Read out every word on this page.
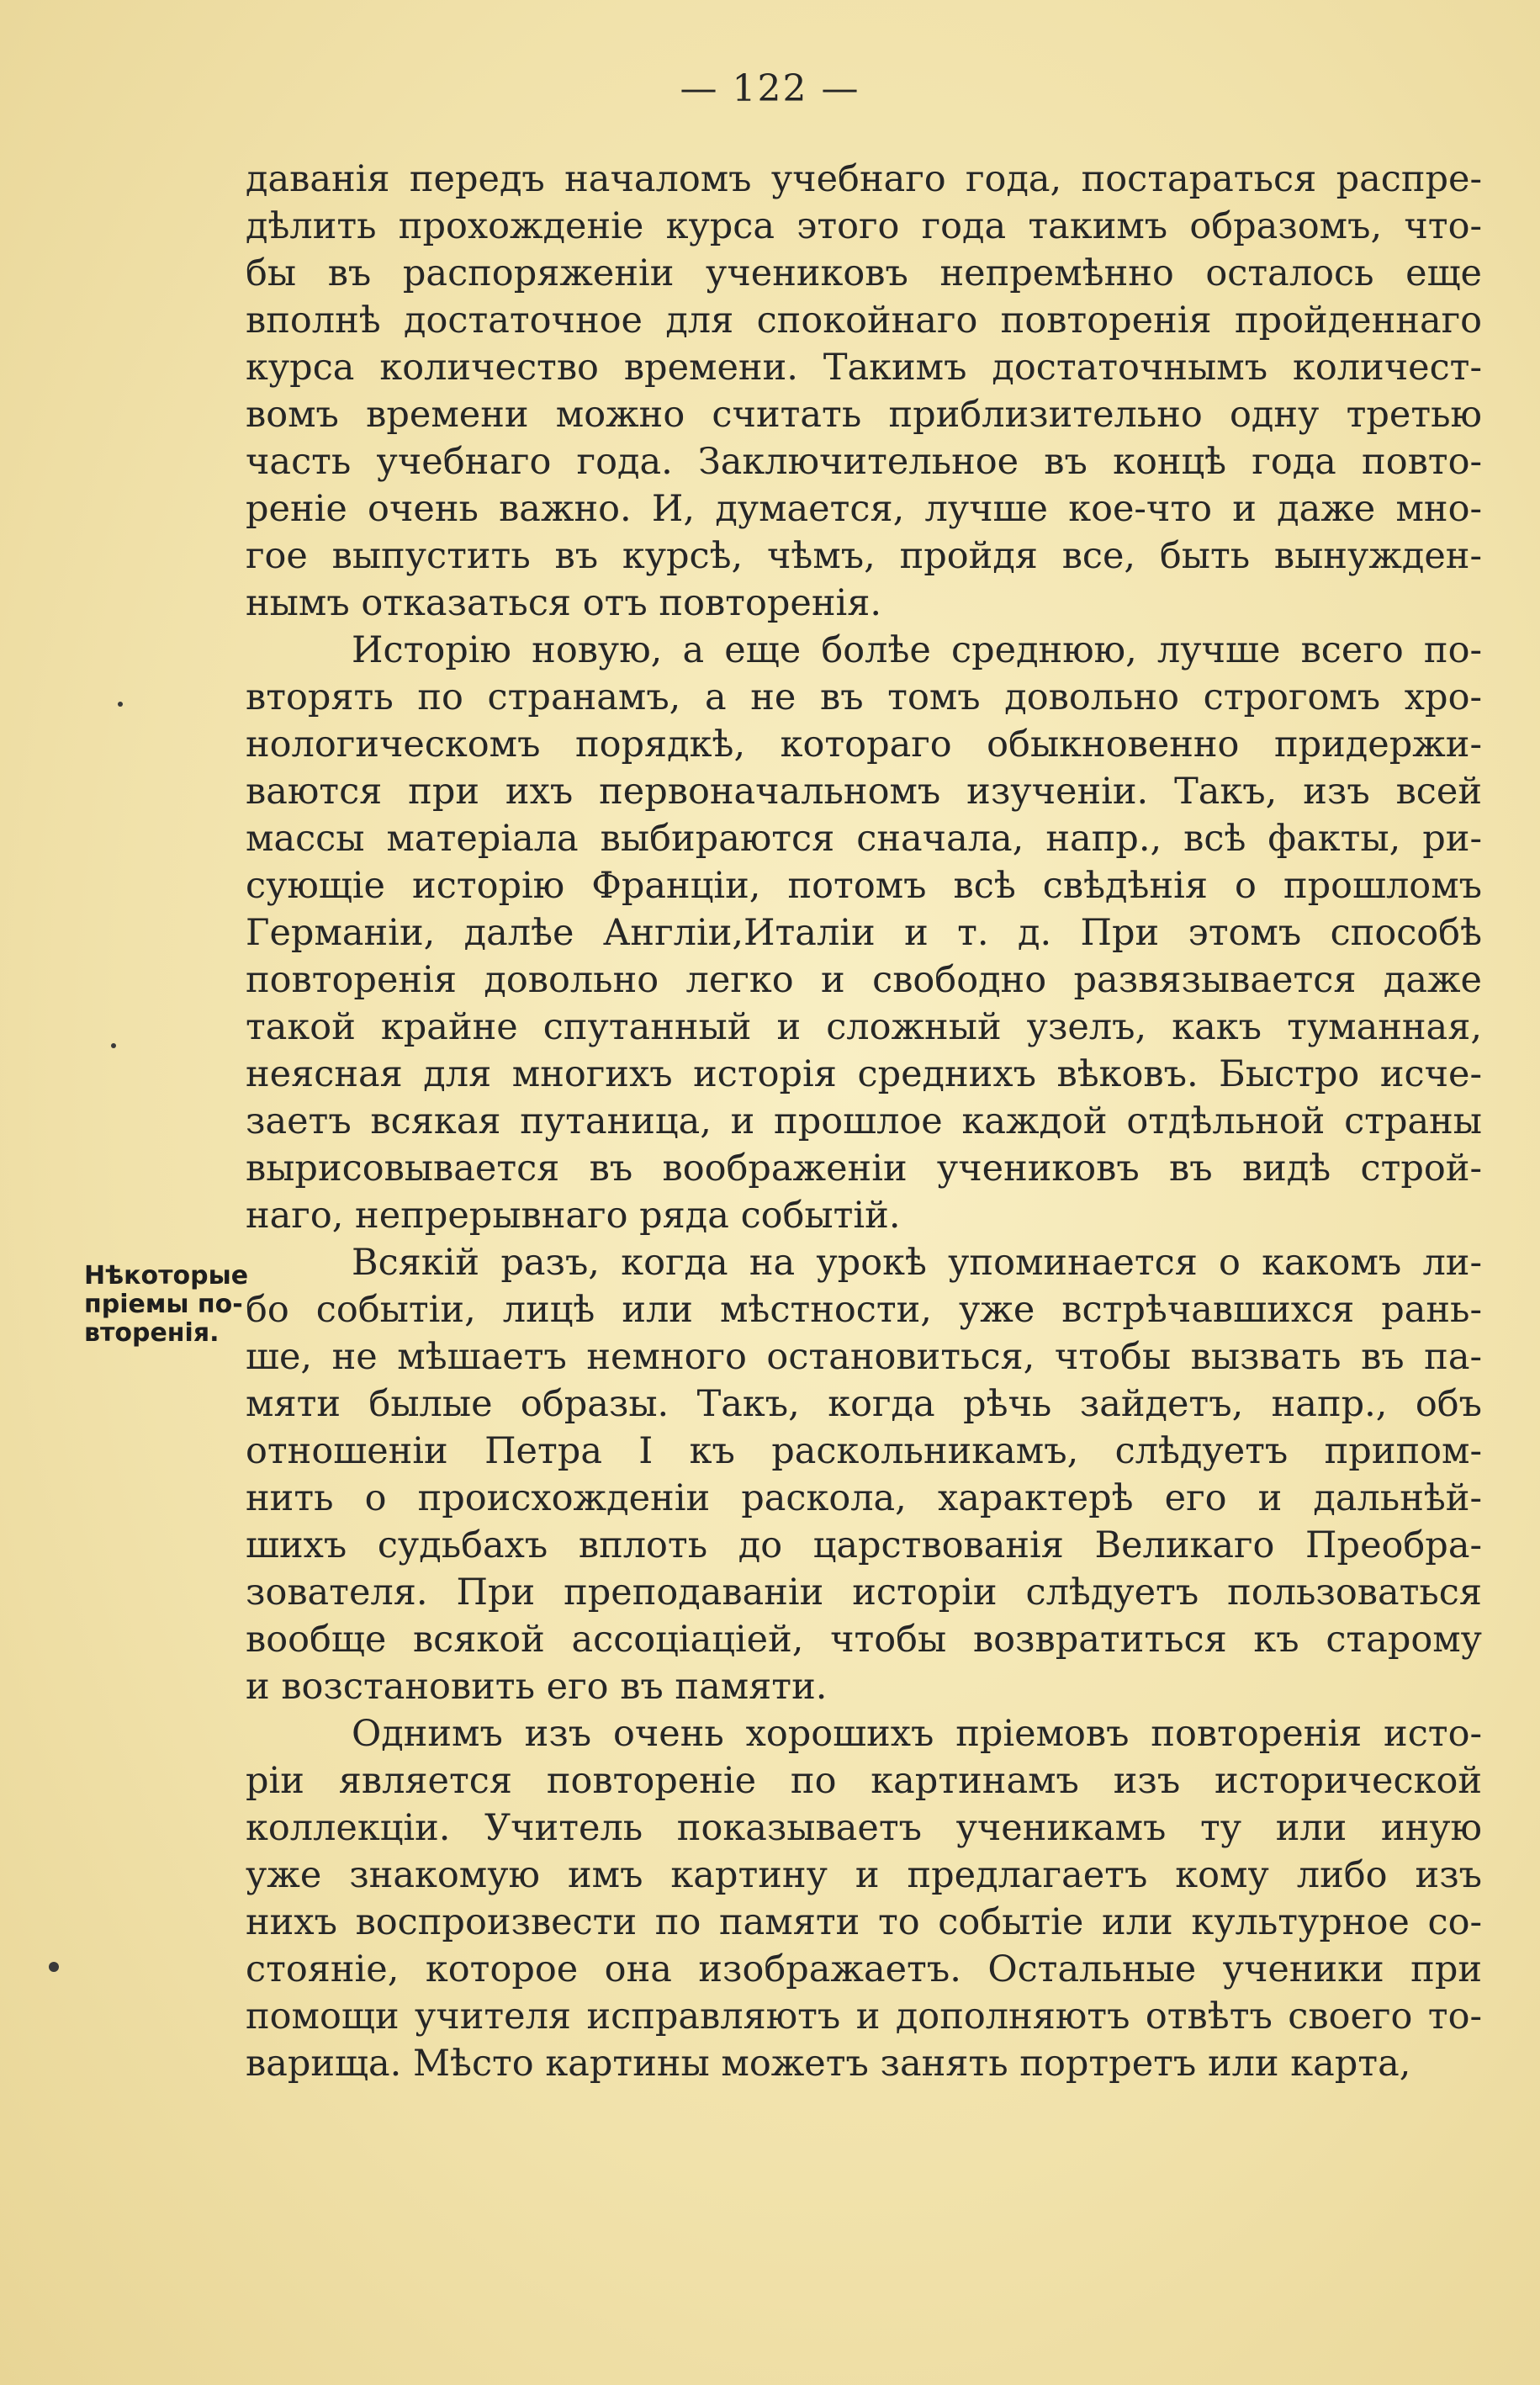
— 122 —
Нѣкоторые
пріемы по-
вторенія.
даванія передъ началомъ учебнаго года, постараться распре-
дѣлить прохожденіе курса этого года такимъ образомъ, что-
бы въ распоряженіи учениковъ непремѣнно осталось еще
вполнѣ достаточное для спокойнаго повторенія пройденнаго
курса количество времени. Такимъ достаточнымъ количест-
вомъ времени можно считать приблизительно одну третью
часть учебнаго года. Заключительное въ концѣ года повто-
реніе очень важно. И, думается, лучше кое-что и даже мно-
гое выпустить въ курсѣ, чѣмъ, пройдя все, быть вынужден-
нымъ отказаться отъ повторенія.
Исторію новую, а еще болѣе среднюю, лучше всего по-
вторять по странамъ, а не въ томъ довольно строгомъ хро-
нологическомъ порядкѣ, котораго обыкновенно придержи-
ваются при ихъ первоначальномъ изученіи. Такъ, изъ всей
массы матеріала выбираются сначала, напр., всѣ факты, ри-
сующіе исторію Франціи, потомъ всѣ свѣдѣнія о прошломъ
Германіи, далѣе Англіи,Италіи и т. д. При этомъ способѣ
повторенія довольно легко и свободно развязывается даже
такой крайне спутанный и сложный узелъ, какъ туманная,
неясная для многихъ исторія среднихъ вѣковъ. Быстро исче-
заетъ всякая путаница, и прошлое каждой отдѣльной страны
вырисовывается въ воображеніи учениковъ въ видѣ строй-
наго, непрерывнаго ряда событій.
Всякій разъ, когда на урокѣ упоминается о какомъ ли-
бо событіи, лицѣ или мѣстности, уже встрѣчавшихся рань-
ше, не мѣшаетъ немного остановиться, чтобы вызвать въ па-
мяти былые образы. Такъ, когда рѣчь зайдетъ, напр., объ
отношеніи Петра I къ раскольникамъ, слѣдуетъ припом-
нить о происхожденіи раскола, характерѣ его и дальнѣй-
шихъ судьбахъ вплоть до царствованія Великаго Преобра-
зователя. При преподаваніи исторіи слѣдуетъ пользоваться
вообще всякой ассоціаціей, чтобы возвратиться къ старому
и возстановить его въ памяти.
Однимъ изъ очень хорошихъ пріемовъ повторенія исто-
ріи является повтореніе по картинамъ изъ исторической
коллекціи. Учитель показываетъ ученикамъ ту или иную
уже знакомую имъ картину и предлагаетъ кому либо изъ
нихъ воспроизвести по памяти то событіе или культурное со-
стояніе, которое она изображаетъ. Остальные ученики при
помощи учителя исправляютъ и дополняютъ отвѣтъ своего то-
варища. Мѣсто картины можетъ занять портретъ или карта,
